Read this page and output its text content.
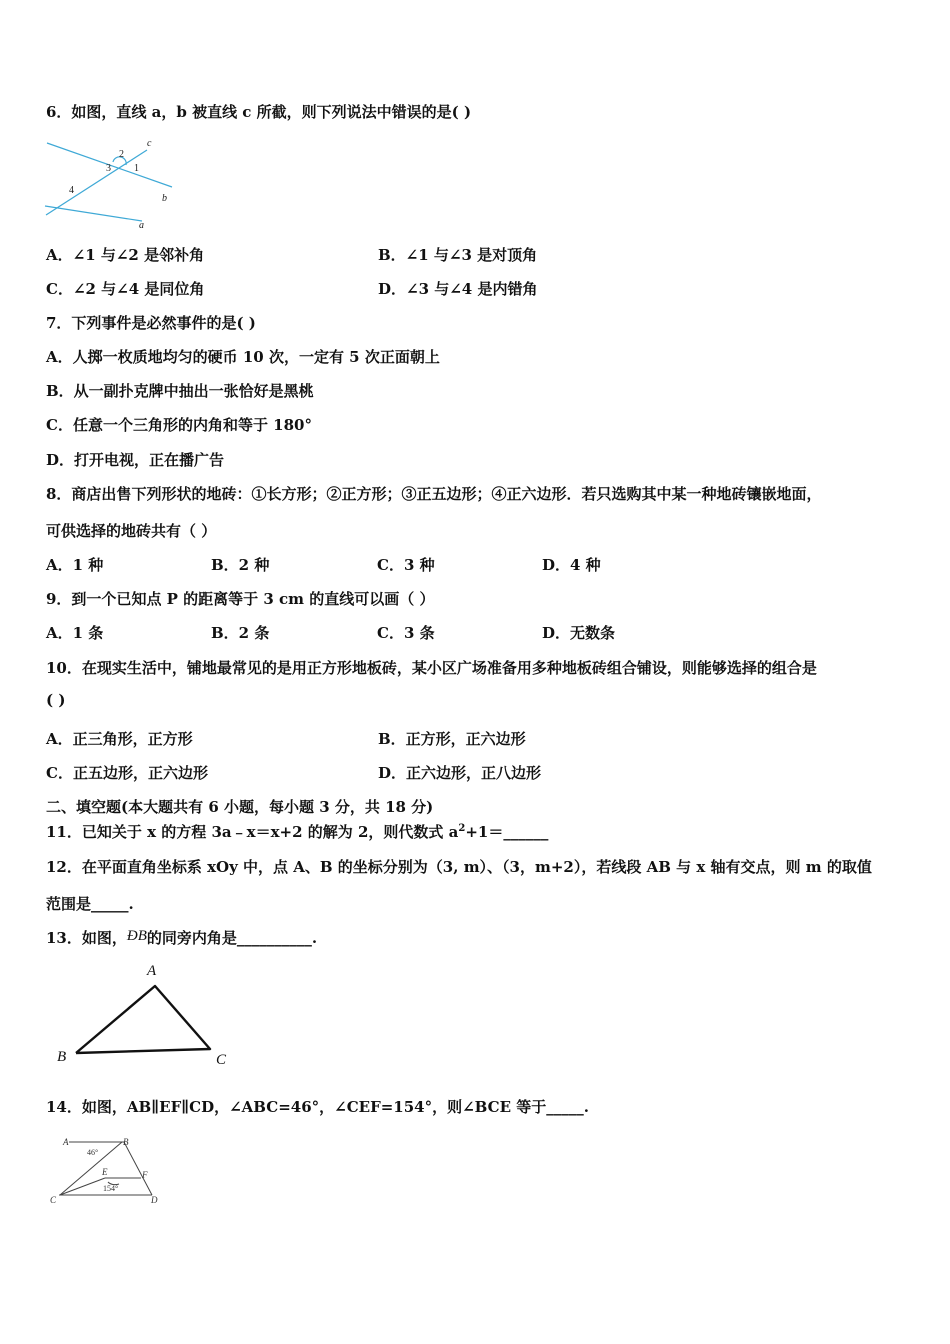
6．如图，直线 a，b 被直线 c 所截，则下列说法中错误的是( )
c
b
a
1
2
3
4
A．∠1 与∠2 是邻补角	B．∠1 与∠3 是对顶角
C．∠2 与∠4 是同位角	D．∠3 与∠4 是内错角
7．下列事件是必然事件的是( )
A．人掷一枚质地均匀的硬币 10 次，一定有 5 次正面朝上
B．从一副扑克牌中抽出一张恰好是黑桃
C．任意一个三角形的内角和等于 180°
D．打开电视，正在播广告
8．商店出售下列形状的地砖：①长方形；②正方形；③正五边形；④正六边形．若只选购其中某一种地砖镶嵌地面，
可供选择的地砖共有（ ）
A．1 种	B．2 种	C．3 种	D．4 种
9．到一个已知点 P 的距离等于 3 cm 的直线可以画（ ）
A．1 条	B．2 条	C．3 条	D．无数条
10．在现实生活中，铺地最常见的是用正方形地板砖，某小区广场准备用多种地板砖组合铺设，则能够选择的组合是
( )
A．正三角形，正方形	B．正方形，正六边形
C．正五边形，正六边形	D．正六边形，正八边形
二、填空题(本大题共有 6 小题，每小题 3 分，共 18 分)
11．已知关于 x 的方程 3a﹣x＝x+2 的解为 2，则代数式 $a^2+1=\_\_\_\_\_\_$
12．在平面直角坐标系 xOy 中，点 A、B 的坐标分别为（3, m）、（3，m+2），若线段 AB 与 x 轴有交点，则 m 的取值
范围是_____.
13．如图，ÐB的同旁内角是__________.
A
B	C
14．如图，AB∥EF∥CD，∠ABC=46°，∠CEF=154°，则∠BCE 等于_____.
A	B
C	D
E	F
46°
154°
